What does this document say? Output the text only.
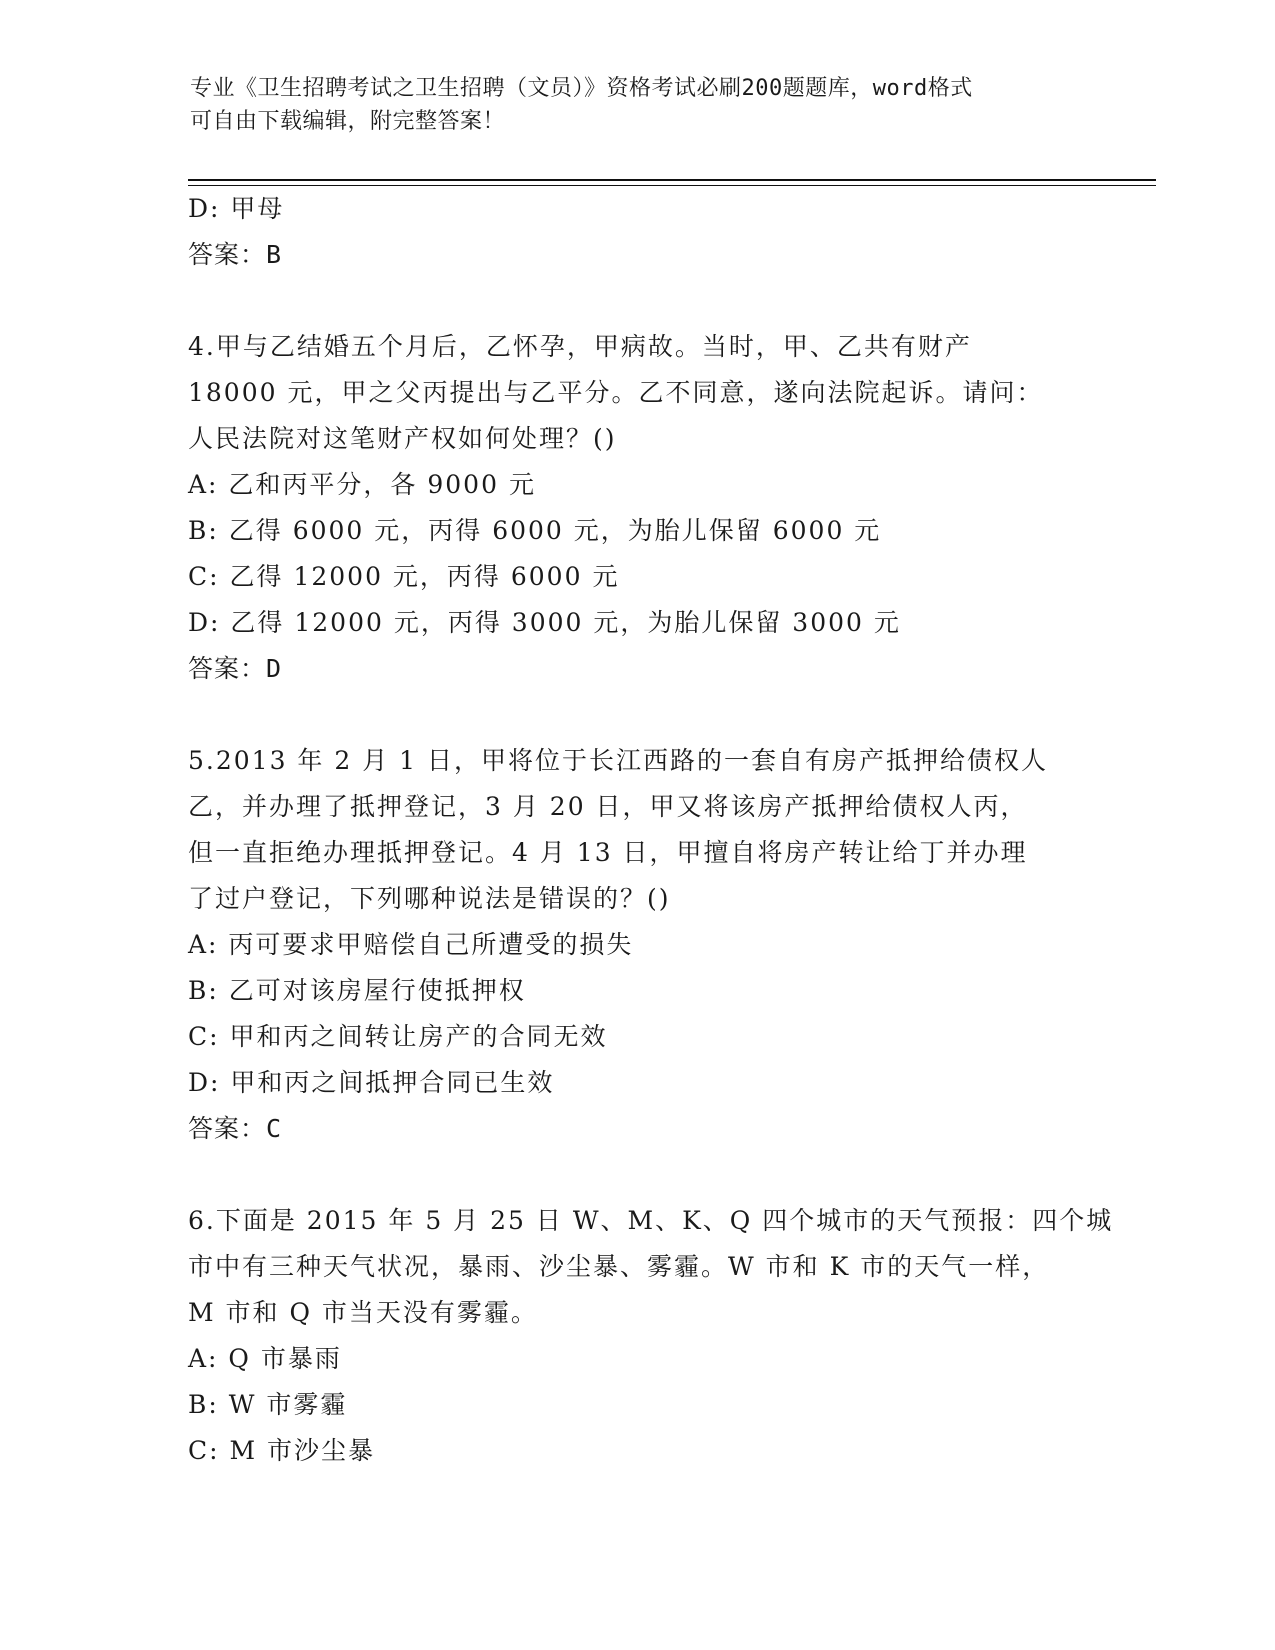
专业《卫生招聘考试之卫生招聘（文员）》资格考试必刷200题题库，word格式
可自由下载编辑，附完整答案！
D: 甲母
答案：B
4.甲与乙结婚五个月后，乙怀孕，甲病故。当时，甲、乙共有财产
18000 元，甲之父丙提出与乙平分。乙不同意，遂向法院起诉。请问：
人民法院对这笔财产权如何处理？()
A: 乙和丙平分，各 9000 元
B: 乙得 6000 元，丙得 6000 元，为胎儿保留 6000 元
C: 乙得 12000 元，丙得 6000 元
D: 乙得 12000 元，丙得 3000 元，为胎儿保留 3000 元
答案：D
5.2013 年 2 月 1 日，甲将位于长江西路的一套自有房产抵押给债权人
乙，并办理了抵押登记，3 月 20 日，甲又将该房产抵押给债权人丙，
但一直拒绝办理抵押登记。4 月 13 日，甲擅自将房产转让给丁并办理
了过户登记，下列哪种说法是错误的？()
A: 丙可要求甲赔偿自己所遭受的损失
B: 乙可对该房屋行使抵押权
C: 甲和丙之间转让房产的合同无效
D: 甲和丙之间抵押合同已生效
答案：C
6.下面是 2015 年 5 月 25 日 W、M、K、Q 四个城市的天气预报：四个城
市中有三种天气状况，暴雨、沙尘暴、雾霾。W 市和 K 市的天气一样，
M 市和 Q 市当天没有雾霾。
A: Q 市暴雨
B: W 市雾霾
C: M 市沙尘暴
